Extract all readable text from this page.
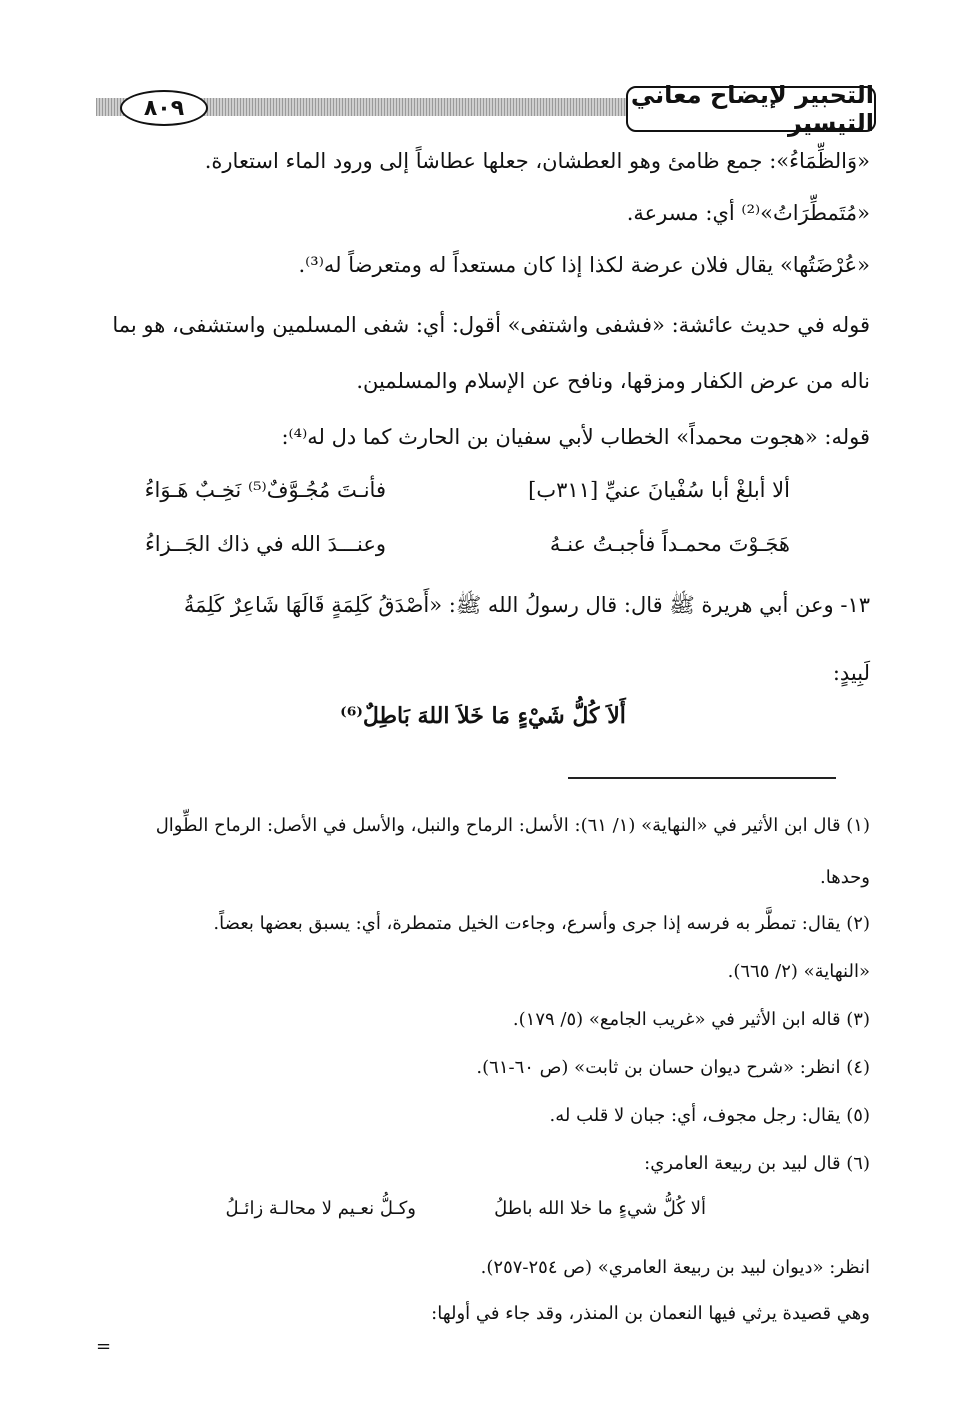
التحبير لإيضاح معاني التيسير
٨٠٩
«وَالظِّمَاءُ»: جمع ظامئ وهو العطشان، جعلها عطاشاً إلى ورود الماء استعارة.
«مُتَمطِّرَاتُ»⁽²⁾ أي: مسرعة.
«عُرْضَتُها» يقال فلان عرضة لكذا إذا كان مستعداً له ومتعرضاً له⁽³⁾.
قوله في حديث عائشة: «فشفى واشتفى» أقول: أي: شفى المسلمين واستشفى، هو بما
ناله من عرض الكفار ومزقها، ونافح عن الإسلام والمسلمين.
قوله: «هجوت محمداً» الخطاب لأبي سفيان بن الحارث كما دل له⁽⁴⁾:
ألا أبلغْ أبا سُفْيانَ عنيِّ [٣١١ب]
فأنـتَ مُجُـوَّفٌ⁽⁵⁾ نَخِـبٌ هَـوَاءُ
هَجَـوْتَ محمـداً فأجبـتُ عنـهُ
وعنـــدَ الله في ذاك الجَــزاءُ
١٣- وعن أبي هريرة ﷺ قال: قال رسولُ الله ﷺ: «أَصْدَقُ كَلِمَةٍ قَالَهَا شَاعِرٌ كَلِمَةُ
لَبِيدٍ:
أَلاَ كُلُّ شَيْءٍ مَا خَلاَ اللهَ بَاطِلٌ⁽⁶⁾
(١) قال ابن الأثير في «النهاية» (١/ ٦١): الأسل: الرماح والنبل، والأسل في الأصل: الرماح الطِّوال
وحدها.
(٢) يقال: تمطَّر به فرسه إذا جرى وأسرع، وجاءت الخيل متمطرة، أي: يسبق بعضها بعضاً.
«النهاية» (٢/ ٦٦٥).
(٣) قاله ابن الأثير في «غريب الجامع» (٥/ ١٧٩).
(٤) انظر: «شرح ديوان حسان بن ثابت» (ص ٦٠-٦١).
(٥) يقال: رجل مجوف، أي: جبان لا قلب له.
(٦) قال لبيد بن ربيعة العامري:
ألا كُلُّ شيءٍ ما خلا الله باطلُ
وكـلُّ نعـيم لا محالـة زائـلُ
انظر: «ديوان لبيد بن ربيعة العامري» (ص ٢٥٤-٢٥٧).
وهي قصيدة يرثي فيها النعمان بن المنذر، وقد جاء في أولها:
=
